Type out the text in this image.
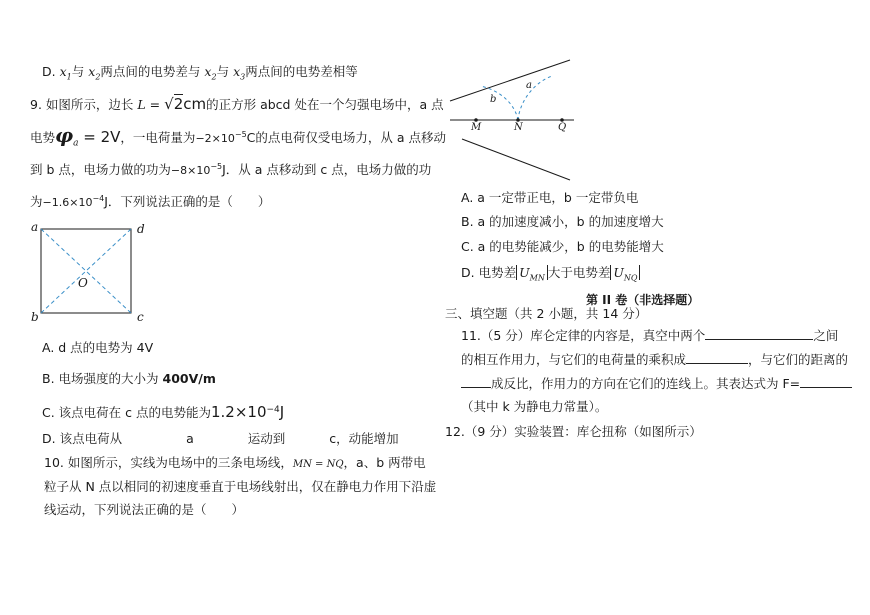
D. $x_1$与 $x_2$两点间的电势差与 $x_2$与 $x_3$两点间的电势差相等
9. 如图所示，边长 L = √2cm的正方形 abcd 处在一个匀强电场中，a 点
电势$\varphi_a = 2V$，一电荷量为$-2\times 10^{-5}C$的点电荷仅受电场力，从 a 点移动
到 b 点，电场力做的功为$-8\times 10^{-5}J$．从 a 点移动到 c 点，电场力做的功
为$-1.6\times 10^{-4}J$．下列说法正确的是（　　）
a	d
b	c
O
A. d 点的电势为 4V
B. 电场强度的大小为 400V/m
C. 该点电荷在 c 点的电势能为$1.2\times 10^{-4}J$
D. 该点电荷从	a	运动到	c，动能增加
10. 如图所示，实线为电场中的三条电场线，MN = NQ，a、b 两带电
粒子从 N 点以相同的初速度垂直于电场线射出，仅在静电力作用下沿虚
线运动，下列说法正确的是（　　）
a
b
M	N	Q
A. a 一定带正电，b 一定带负电
B. a 的加速度减小，b 的加速度增大
C. a 的电势能减少，b 的电势能增大
D. 电势差 $U_{MN}$ 大于电势差 $U_{NQ}$
第 II 卷（非选择题）
三、填空题（共 2 小题，共 14 分）
11.（5 分）库仑定律的内容是，真空中两个	之间
的相互作用力，与它们的电荷量的乘积成	，与它们的距离的
成反比，作用力的方向在它们的连线上。其表达式为 F=
（其中 k 为静电力常量）。
12.（9 分）实验装置：库仑扭称（如图所示）
